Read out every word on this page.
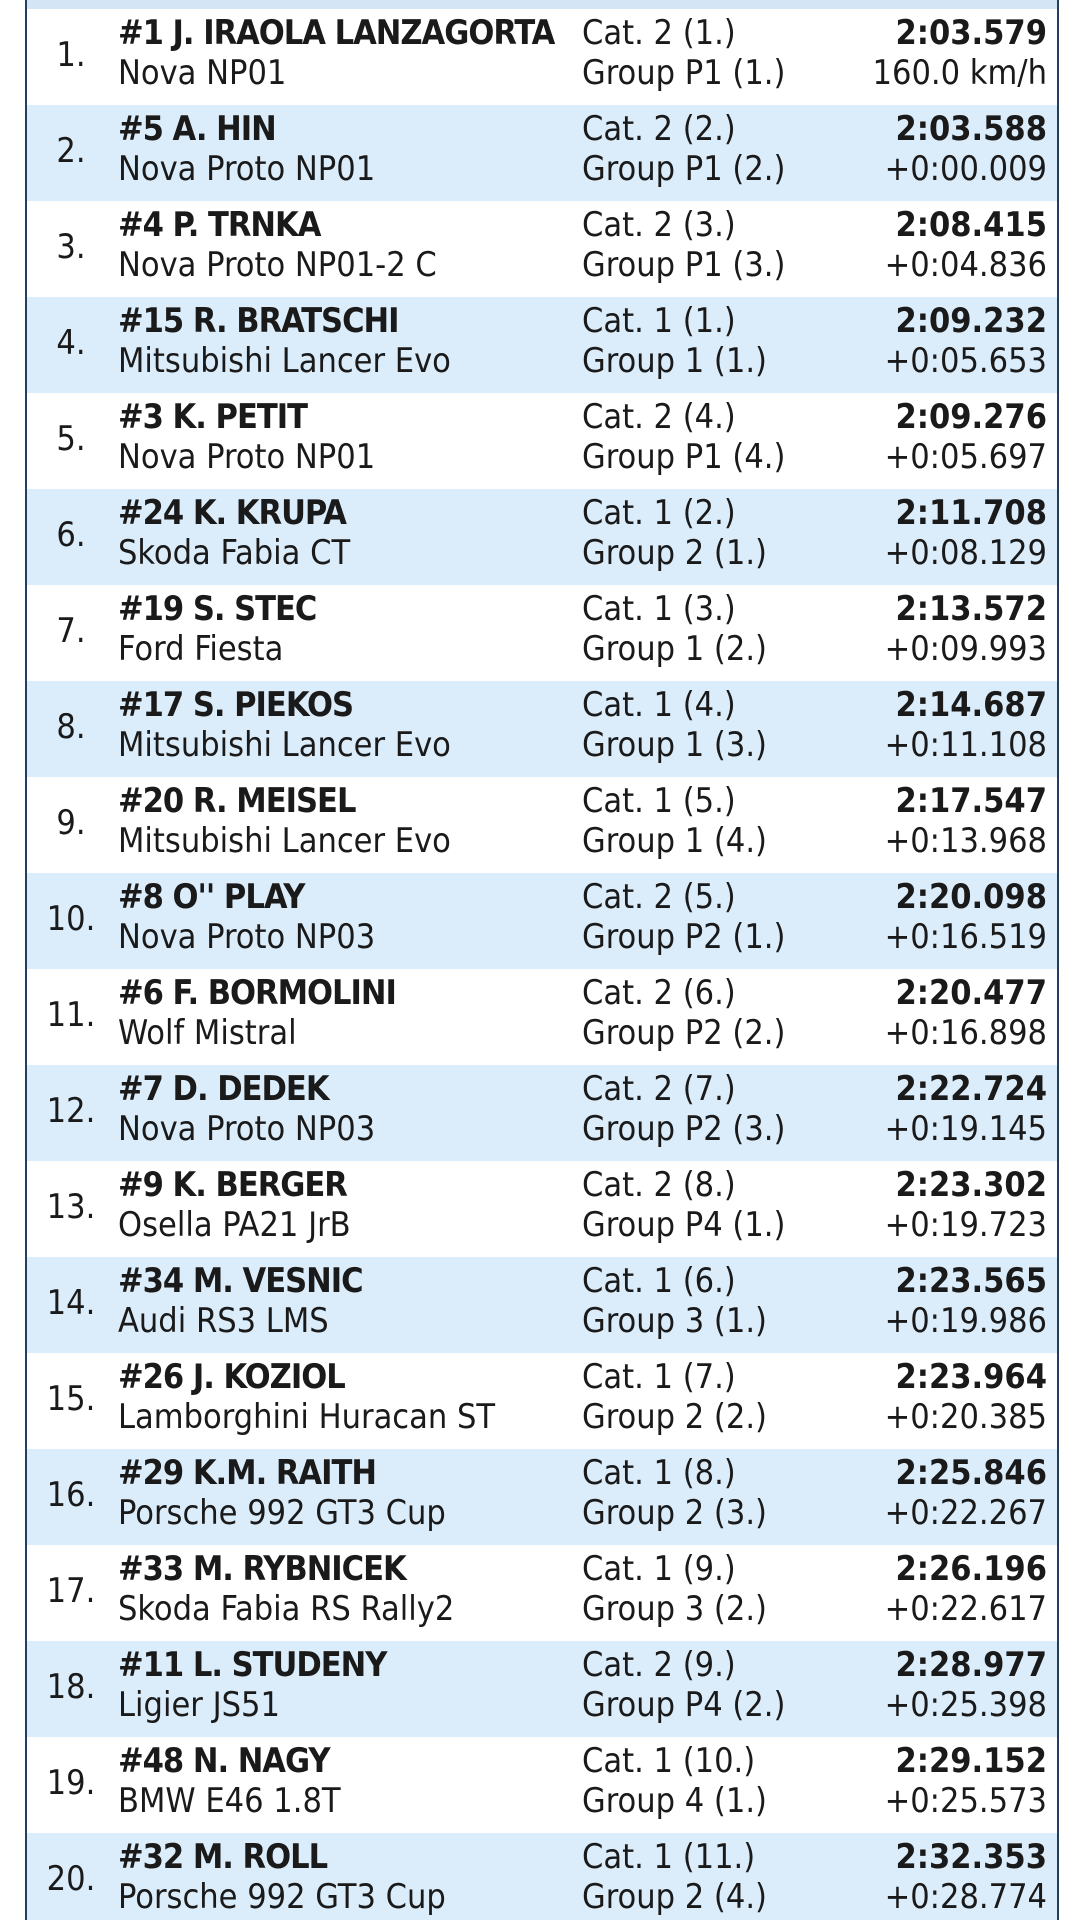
1.
#1 J. IRAOLA LANZAGORTA
Nova NP01
Cat. 2 (1.)
Group P1 (1.)
2:03.579
160.0 km/h
2.
#5 A. HIN
Nova Proto NP01
Cat. 2 (2.)
Group P1 (2.)
2:03.588
+0:00.009
3.
#4 P. TRNKA
Nova Proto NP01-2 C
Cat. 2 (3.)
Group P1 (3.)
2:08.415
+0:04.836
4.
#15 R. BRATSCHI
Mitsubishi Lancer Evo
Cat. 1 (1.)
Group 1 (1.)
2:09.232
+0:05.653
5.
#3 K. PETIT
Nova Proto NP01
Cat. 2 (4.)
Group P1 (4.)
2:09.276
+0:05.697
6.
#24 K. KRUPA
Skoda Fabia CT
Cat. 1 (2.)
Group 2 (1.)
2:11.708
+0:08.129
7.
#19 S. STEC
Ford Fiesta
Cat. 1 (3.)
Group 1 (2.)
2:13.572
+0:09.993
8.
#17 S. PIEKOS
Mitsubishi Lancer Evo
Cat. 1 (4.)
Group 1 (3.)
2:14.687
+0:11.108
9.
#20 R. MEISEL
Mitsubishi Lancer Evo
Cat. 1 (5.)
Group 1 (4.)
2:17.547
+0:13.968
10.
#8 O'' PLAY
Nova Proto NP03
Cat. 2 (5.)
Group P2 (1.)
2:20.098
+0:16.519
11.
#6 F. BORMOLINI
Wolf Mistral
Cat. 2 (6.)
Group P2 (2.)
2:20.477
+0:16.898
12.
#7 D. DEDEK
Nova Proto NP03
Cat. 2 (7.)
Group P2 (3.)
2:22.724
+0:19.145
13.
#9 K. BERGER
Osella PA21 JrB
Cat. 2 (8.)
Group P4 (1.)
2:23.302
+0:19.723
14.
#34 M. VESNIC
Audi RS3 LMS
Cat. 1 (6.)
Group 3 (1.)
2:23.565
+0:19.986
15.
#26 J. KOZIOL
Lamborghini Huracan ST
Cat. 1 (7.)
Group 2 (2.)
2:23.964
+0:20.385
16.
#29 K.M. RAITH
Porsche 992 GT3 Cup
Cat. 1 (8.)
Group 2 (3.)
2:25.846
+0:22.267
17.
#33 M. RYBNICEK
Skoda Fabia RS Rally2
Cat. 1 (9.)
Group 3 (2.)
2:26.196
+0:22.617
18.
#11 L. STUDENY
Ligier JS51
Cat. 2 (9.)
Group P4 (2.)
2:28.977
+0:25.398
19.
#48 N. NAGY
BMW E46 1.8T
Cat. 1 (10.)
Group 4 (1.)
2:29.152
+0:25.573
20.
#32 M. ROLL
Porsche 992 GT3 Cup
Cat. 1 (11.)
Group 2 (4.)
2:32.353
+0:28.774
